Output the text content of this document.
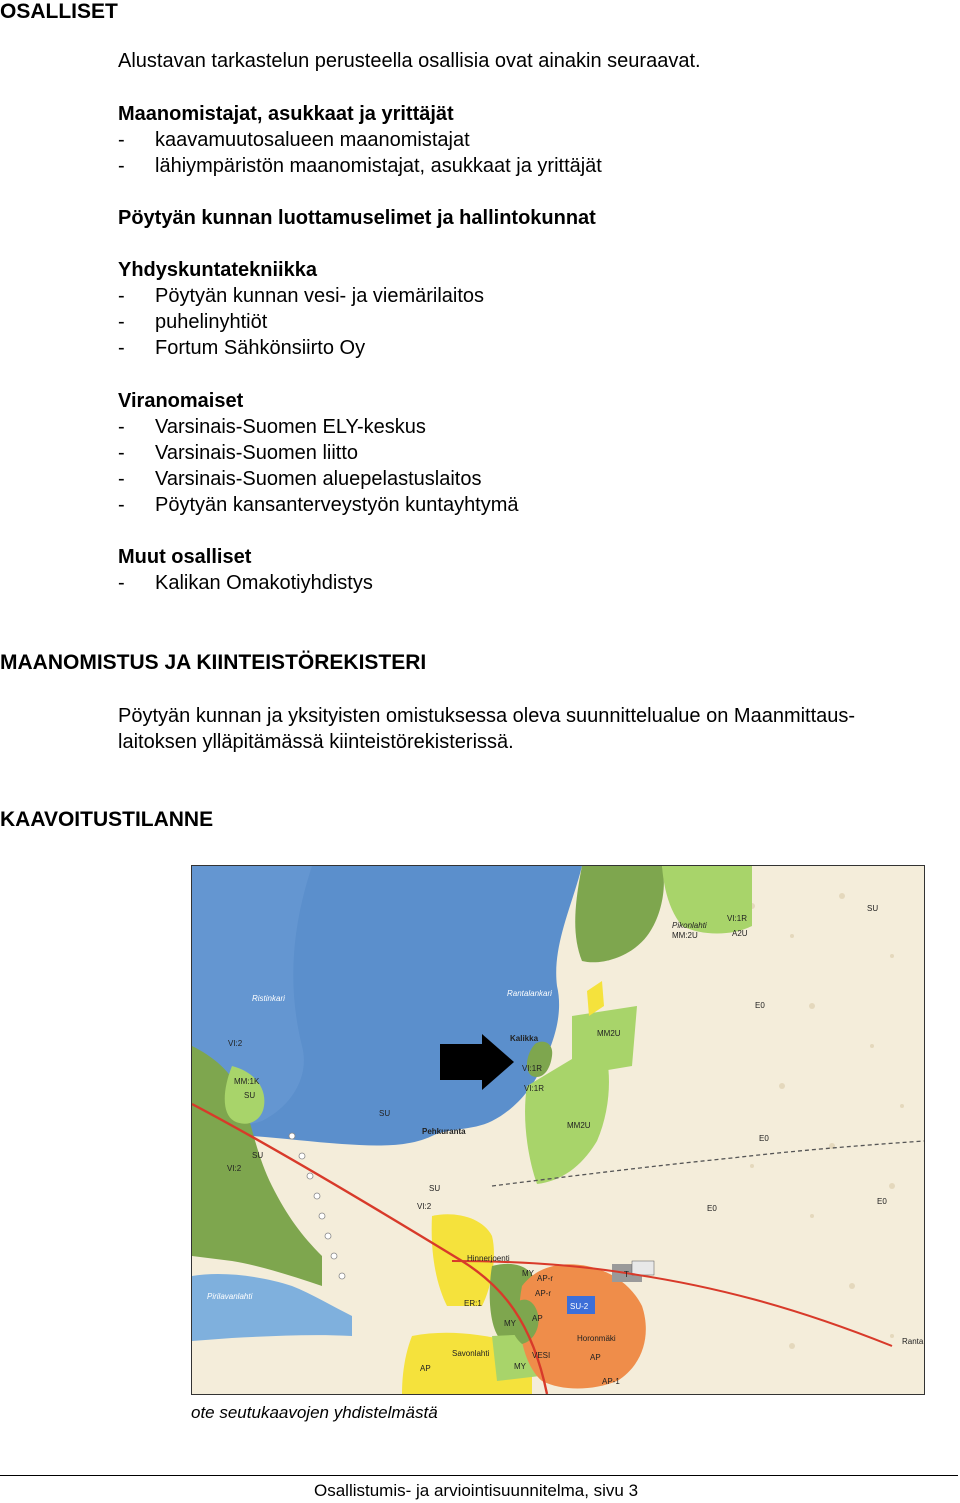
OSALLISET
Alustavan tarkastelun perusteella osallisia ovat ainakin seuraavat.
Maanomistajat, asukkaat ja yrittäjät
- kaavamuutosalueen maanomistajat
- lähiympäristön maanomistajat, asukkaat ja yrittäjät
Pöytyän kunnan luottamuselimet ja hallintokunnat
Yhdyskuntatekniikka
- Pöytyän kunnan vesi- ja viemärilaitos
- puhelinyhtiöt
- Fortum Sähkönsiirto Oy
Viranomaiset
- Varsinais-Suomen ELY-keskus
- Varsinais-Suomen liitto
- Varsinais-Suomen aluepelastuslaitos
- Pöytyän kansanterveystyön kuntayhtymä
Muut osalliset
- Kalikan Omakotiyhdistys
MAANOMISTUS JA KIINTEISTÖREKISTERI
Pöytyän kunnan ja yksityisten omistuksessa oleva suunnittelualue on Maanmittaus-
laitoksen ylläpitämässä kiinteistörekisterissä.
KAAVOITUSTILANNE
Ristinkari
Rantalankari
Pikonlahti
Kalikka
Pehkuranta
Hinnerjoenti
Pirilavanlahti
Savonlahti
Horonmäki
VI:1R
VI:1R
VI:1R
VI:2
VI:2
VI:2
MM:1K
MM2U
MM2U
MM:2U	A2U
E0
E0
E0
E0
SU
SU
SU
SU
SU
MY
MY
MY
AP
AP
AP
AP-r
AP-r
AP-1
ER:1
VESI
T
SU-2
Ranta
ote seutukaavojen yhdistelmästä
Osallistumis- ja arviointisuunnitelma, sivu 3
